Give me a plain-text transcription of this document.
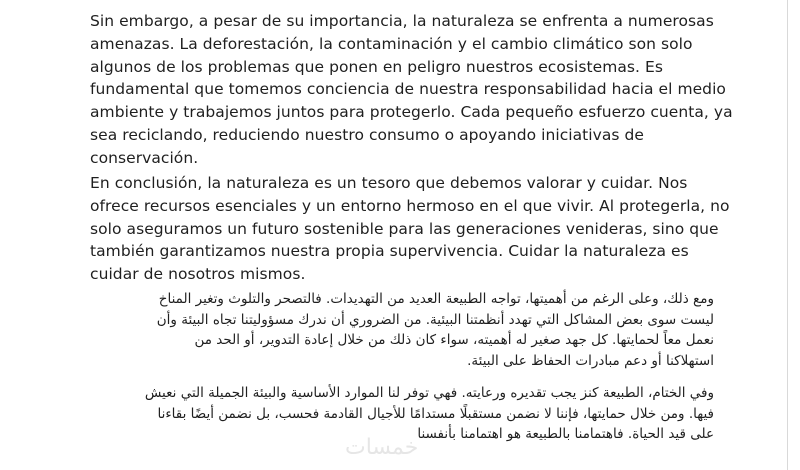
Sin embargo, a pesar de su importancia, la naturaleza se enfrenta a numerosas
amenazas. La deforestación, la contaminación y el cambio climático son solo
algunos de los problemas que ponen en peligro nuestros ecosistemas. Es
fundamental que tomemos conciencia de nuestra responsabilidad hacia el medio
ambiente y trabajemos juntos para protegerlo. Cada pequeño esfuerzo cuenta, ya
sea reciclando, reduciendo nuestro consumo o apoyando iniciativas de
conservación.
En conclusión, la naturaleza es un tesoro que debemos valorar y cuidar. Nos
ofrece recursos esenciales y un entorno hermoso en el que vivir. Al protegerla, no
solo aseguramos un futuro sostenible para las generaciones venideras, sino que
también garantizamos nuestra propia supervivencia. Cuidar la naturaleza es
cuidar de nosotros mismos.
ومع ذلك، وعلى الرغم من أهميتها، تواجه الطبيعة العديد من التهديدات. فالتصحر والتلوث وتغير المناخ
ليست سوى بعض المشاكل التي تهدد أنظمتنا البيئية. من الضروري أن ندرك مسؤوليتنا تجاه البيئة وأن
نعمل معاً لحمايتها. كل جهد صغير له أهميته، سواء كان ذلك من خلال إعادة التدوير، أو الحد من
استهلاكنا أو دعم مبادرات الحفاظ على البيئة.
وفي الختام، الطبيعة كنز يجب تقديره ورعايته. فهي توفر لنا الموارد الأساسية والبيئة الجميلة التي نعيش
فيها. ومن خلال حمايتها، فإننا لا نضمن مستقبلًا مستدامًا للأجيال القادمة فحسب، بل نضمن أيضًا بقاءنا
على قيد الحياة. فاهتمامنا بالطبيعة هو اهتمامنا بأنفسنا
خمسات
